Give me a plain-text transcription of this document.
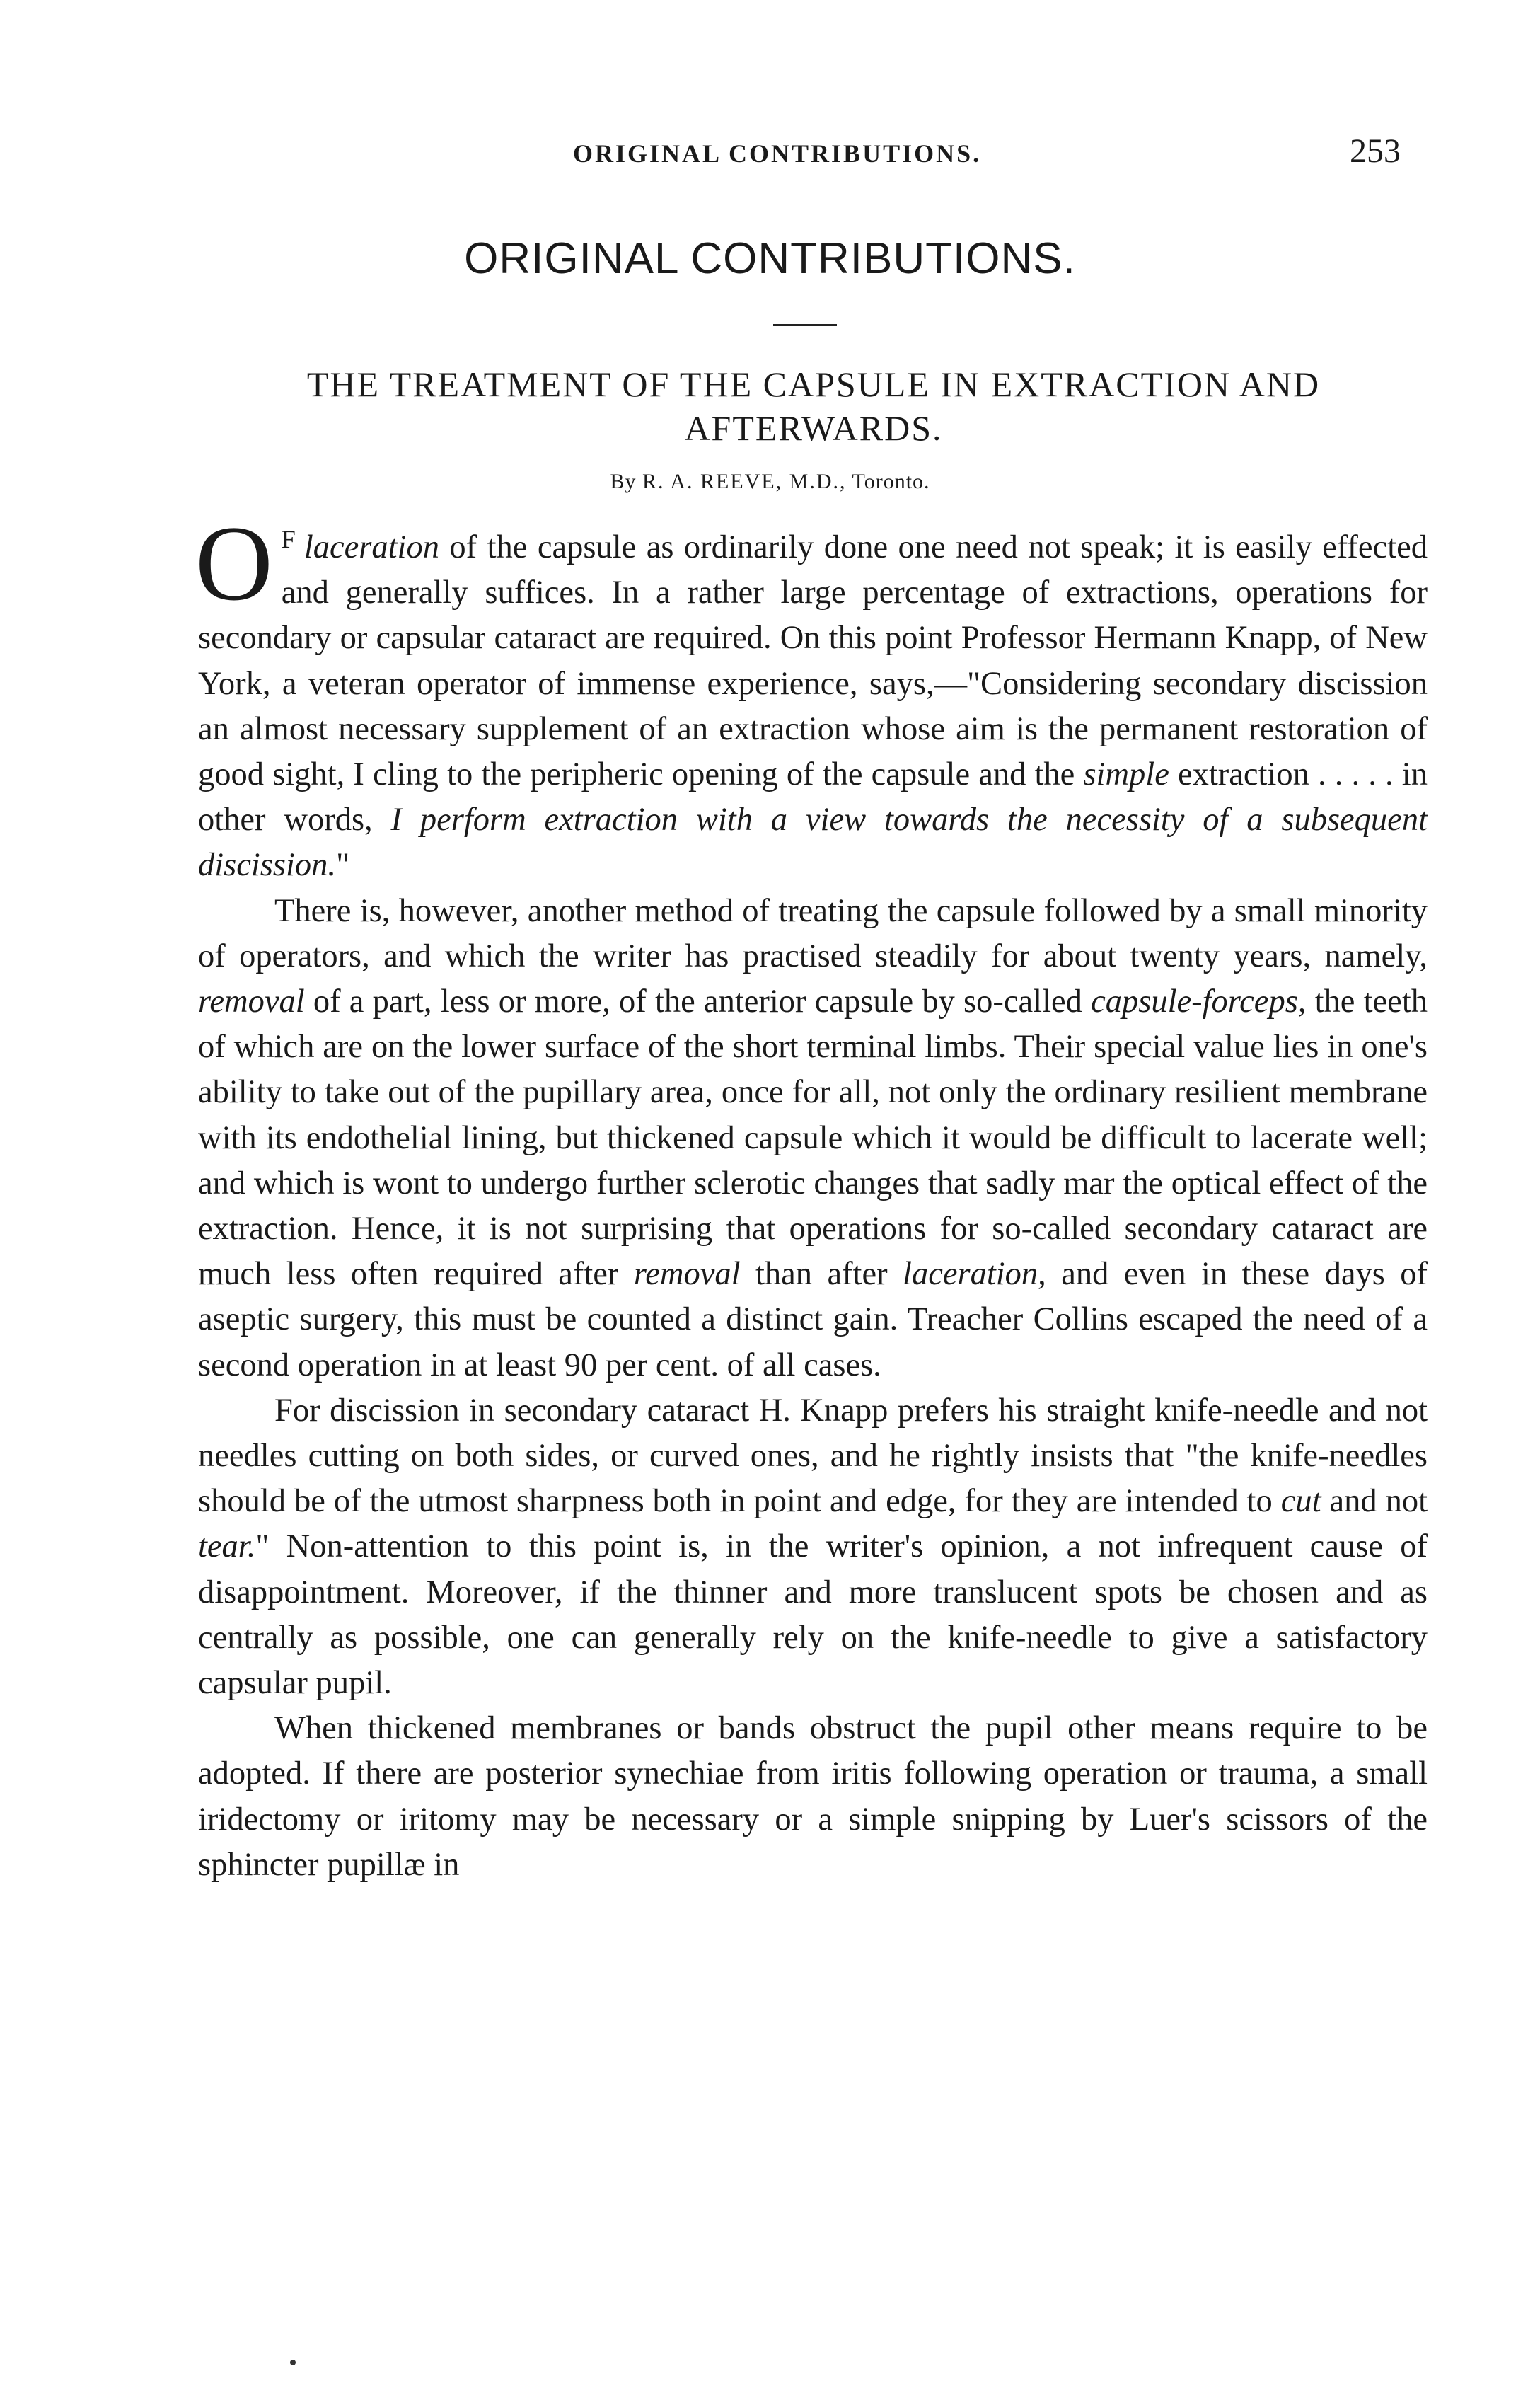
ORIGINAL CONTRIBUTIONS.	253
ORIGINAL CONTRIBUTIONS.
THE TREATMENT OF THE CAPSULE IN EXTRACTION AND AFTERWARDS.
By R. A. REEVE, M.D., Toronto.

O $^F$ laceration of the capsule as ordinarily done one need not speak; it is easily effected and generally suffices. In a rather large percentage of extractions, operations for secondary or capsular cataract are required. On this point Professor Hermann Knapp, of New York, a veteran operator of immense experience, says,—"Considering secondary discission an almost necessary supplement of an extraction whose aim is the permanent restoration of good sight, I cling to the peripheric opening of the capsule and the simple extraction . . . . . in other words, I perform extraction with a view towards the necessity of a subsequent discission."

There is, however, another method of treating the capsule followed by a small minority of operators, and which the writer has practised steadily for about twenty years, namely, removal of a part, less or more, of the anterior capsule by so-called capsule-forceps, the teeth of which are on the lower surface of the short terminal limbs. Their special value lies in one's ability to take out of the pupillary area, once for all, not only the ordinary resilient membrane with its endothelial lining, but thickened capsule which it would be difficult to lacerate well; and which is wont to undergo further sclerotic changes that sadly mar the optical effect of the extraction. Hence, it is not surprising that operations for so-called secondary cataract are much less often required after removal than after laceration, and even in these days of aseptic surgery, this must be counted a distinct gain. Treacher Collins escaped the need of a second operation in at least 90 per cent. of all cases.

For discission in secondary cataract H. Knapp prefers his straight knife-needle and not needles cutting on both sides, or curved ones, and he rightly insists that "the knife-needles should be of the utmost sharpness both in point and edge, for they are intended to cut and not tear." Non-attention to this point is, in the writer's opinion, a not infrequent cause of disappointment. Moreover, if the thinner and more translucent spots be chosen and as centrally as possible, one can generally rely on the knife-needle to give a satisfactory capsular pupil.

When thickened membranes or bands obstruct the pupil other means require to be adopted. If there are posterior synechiae from iritis following operation or trauma, a small iridectomy or iritomy may be necessary or a simple snipping by Luer's scissors of the sphincter pupillæ in
